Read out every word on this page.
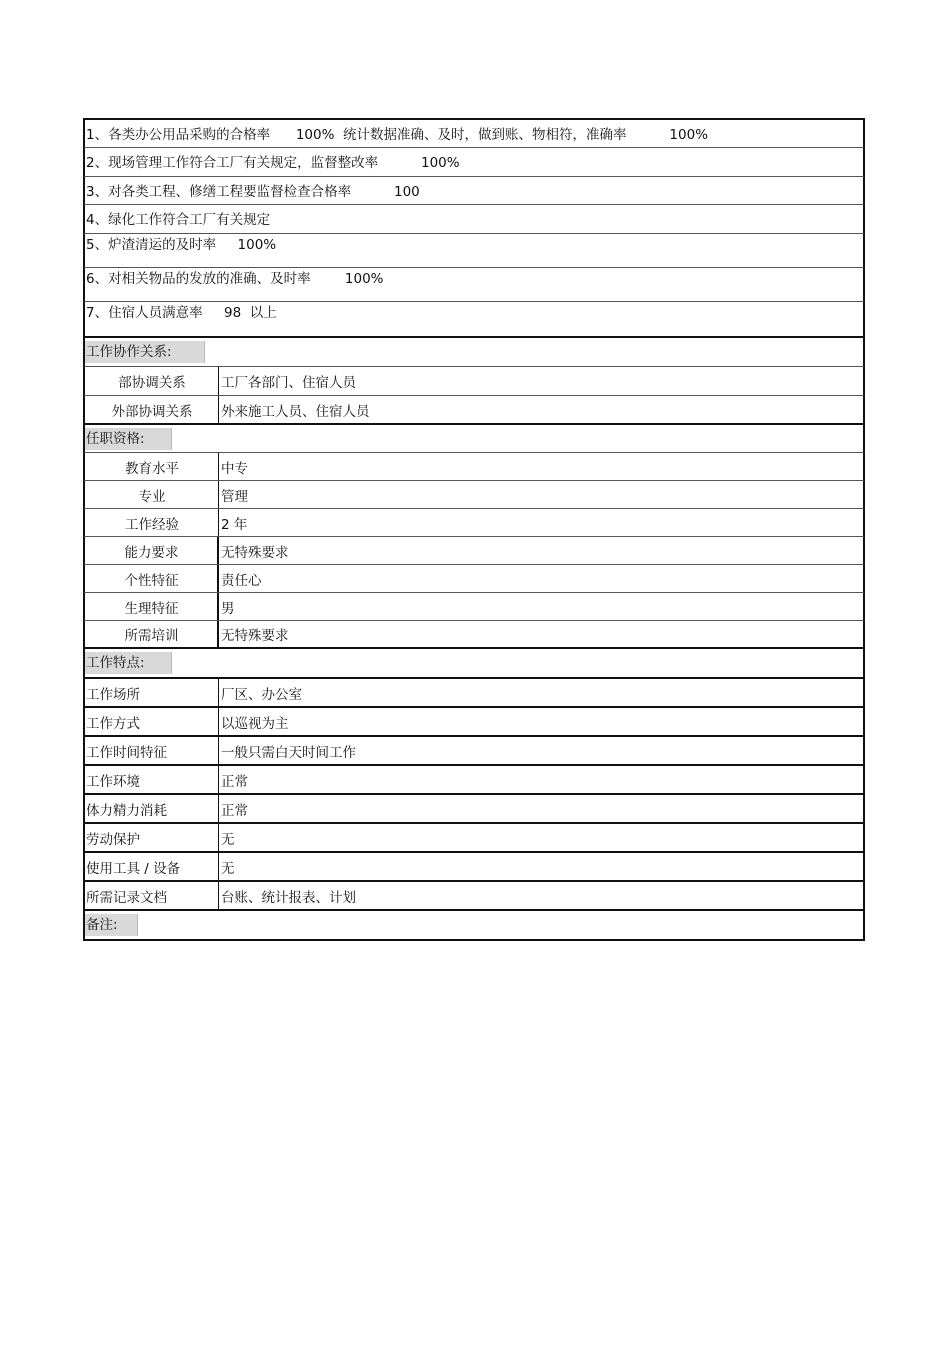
1、各类办公用品采购的合格率      100%  统计数据准确、及时，做到账、物相符，准确率          100%
2、现场管理工作符合工厂有关规定，监督整改率          100%
3、对各类工程、修缮工程要监督检查合格率          100
4、绿化工作符合工厂有关规定
5、炉渣清运的及时率     100%
6、对相关物品的发放的准确、及时率        100%
7、住宿人员满意率     98  以上
工作协作关系:
部协调关系	工厂各部门、住宿人员
外部协调关系	外来施工人员、住宿人员
任职资格:
教育水平	中专
专业	管理
工作经验	2 年
能力要求	无特殊要求
个性特征	责任心
生理特征	男
所需培训	无特殊要求
工作特点:
工作场所	厂区、办公室
工作方式	以巡视为主
工作时间特征	一般只需白天时间工作
工作环境	正常
体力精力消耗	正常
劳动保护	无
使用工具 / 设备	无
所需记录文档	台账、统计报表、计划
备注:
